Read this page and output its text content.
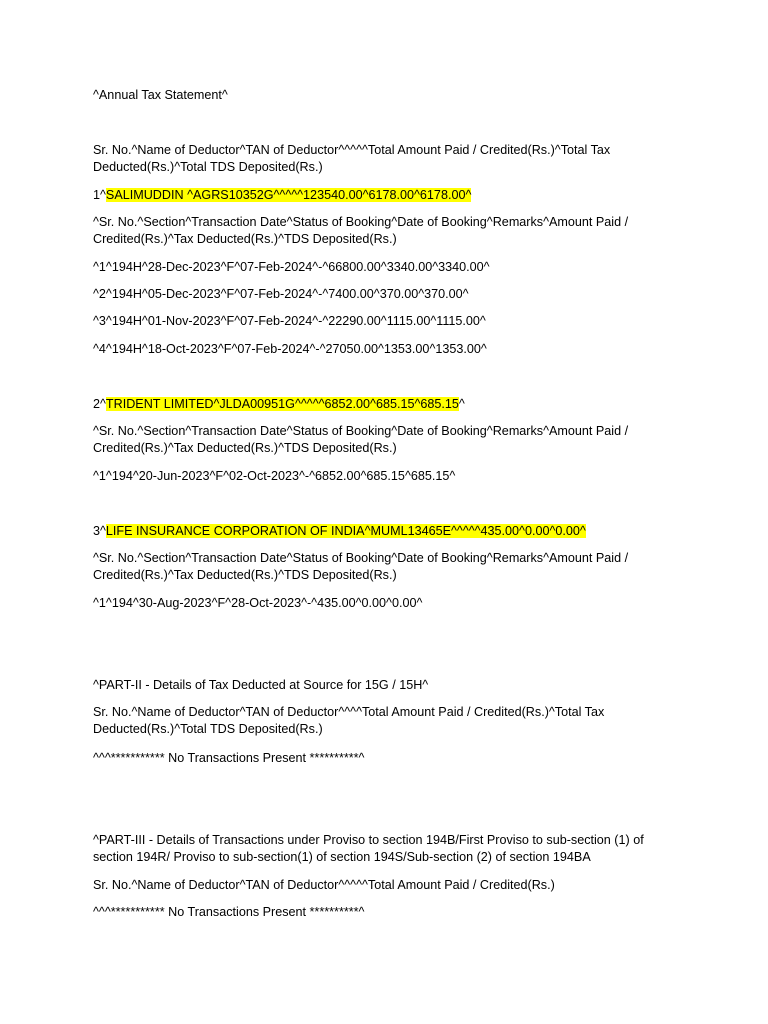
^Annual Tax Statement^

Sr. No.^Name of Deductor^TAN of Deductor^^^^^Total Amount Paid / Credited(Rs.)^Total Tax Deducted(Rs.)^Total TDS Deposited(Rs.)

1^SALIMUDDIN ^AGRS10352G^^^^^123540.00^6178.00^6178.00^

^Sr. No.^Section^Transaction Date^Status of Booking^Date of Booking^Remarks^Amount Paid / Credited(Rs.)^Tax Deducted(Rs.)^TDS Deposited(Rs.)

^1^194H^28-Dec-2023^F^07-Feb-2024^-^66800.00^3340.00^3340.00^

^2^194H^05-Dec-2023^F^07-Feb-2024^-^7400.00^370.00^370.00^

^3^194H^01-Nov-2023^F^07-Feb-2024^-^22290.00^1115.00^1115.00^

^4^194H^18-Oct-2023^F^07-Feb-2024^-^27050.00^1353.00^1353.00^

2^TRIDENT LIMITED^JLDA00951G^^^^^6852.00^685.15^685.15^

^Sr. No.^Section^Transaction Date^Status of Booking^Date of Booking^Remarks^Amount Paid / Credited(Rs.)^Tax Deducted(Rs.)^TDS Deposited(Rs.)

^1^194^20-Jun-2023^F^02-Oct-2023^-^6852.00^685.15^685.15^

3^LIFE INSURANCE CORPORATION OF INDIA^MUML13465E^^^^^435.00^0.00^0.00^

^Sr. No.^Section^Transaction Date^Status of Booking^Date of Booking^Remarks^Amount Paid / Credited(Rs.)^Tax Deducted(Rs.)^TDS Deposited(Rs.)

^1^194^30-Aug-2023^F^28-Oct-2023^-^435.00^0.00^0.00^

^PART-II - Details of Tax Deducted at Source for 15G / 15H^

Sr. No.^Name of Deductor^TAN of Deductor^^^^Total Amount Paid / Credited(Rs.)^Total Tax Deducted(Rs.)^Total TDS Deposited(Rs.)

^^^*********** No Transactions Present **********^

^PART-III - Details of Transactions under Proviso to section 194B/First Proviso to sub-section (1) of section 194R/ Proviso to sub-section(1) of section 194S/Sub-section (2) of section 194BA

Sr. No.^Name of Deductor^TAN of Deductor^^^^^Total Amount Paid / Credited(Rs.)

^^^*********** No Transactions Present **********^
